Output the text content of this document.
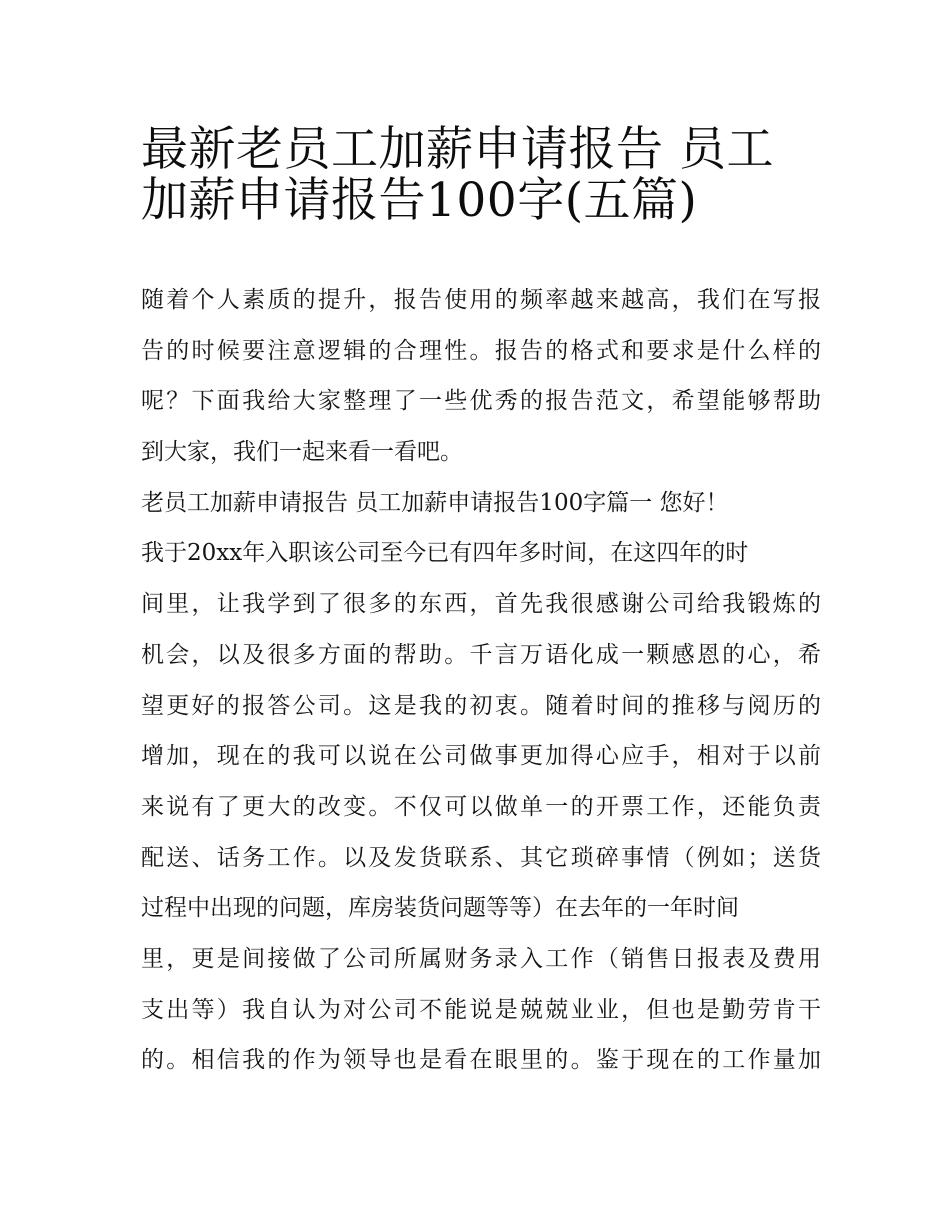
最新老员工加薪申请报告 员工
加薪申请报告100字(五篇)
随着个人素质的提升，报告使用的频率越来越高，我们在写报
告的时候要注意逻辑的合理性。报告的格式和要求是什么样的
呢？下面我给大家整理了一些优秀的报告范文，希望能够帮助
到大家，我们一起来看一看吧。
老员工加薪申请报告 员工加薪申请报告100字篇一 您好！
我于20xx年入职该公司至今已有四年多时间，在这四年的时
间里，让我学到了很多的东西，首先我很感谢公司给我锻炼的
机会，以及很多方面的帮助。千言万语化成一颗感恩的心，希
望更好的报答公司。这是我的初衷。随着时间的推移与阅历的
增加，现在的我可以说在公司做事更加得心应手，相对于以前
来说有了更大的改变。不仅可以做单一的开票工作，还能负责
配送、话务工作。以及发货联系、其它琐碎事情（例如；送货
过程中出现的问题，库房装货问题等等）在去年的一年时间
里，更是间接做了公司所属财务录入工作（销售日报表及费用
支出等）我自认为对公司不能说是兢兢业业，但也是勤劳肯干
的。相信我的作为领导也是看在眼里的。鉴于现在的工作量加
